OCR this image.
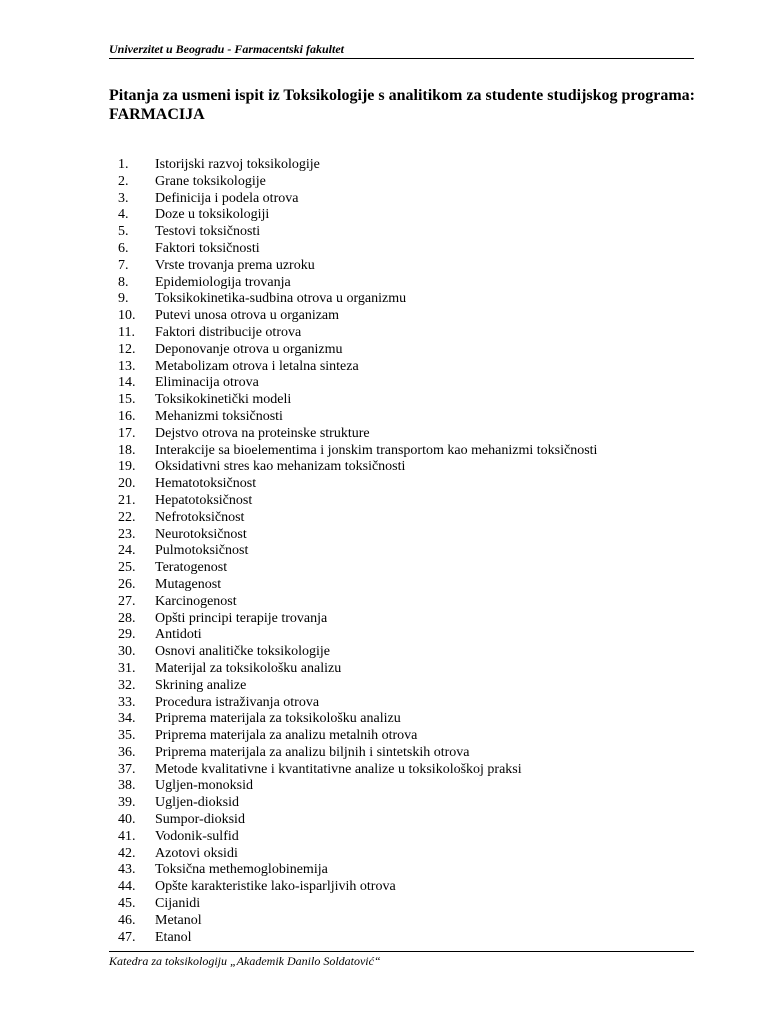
Univerzitet u Beogradu - Farmacentski fakultet
Pitanja za usmeni ispit iz Toksikologije s analitikom za studente studijskog programa: FARMACIJA
1. Istorijski razvoj toksikologije
2. Grane toksikologije
3. Definicija i podela otrova
4. Doze u toksikologiji
5. Testovi toksičnosti
6. Faktori toksičnosti
7. Vrste trovanja prema uzroku
8. Epidemiologija trovanja
9. Toksikokinetika-sudbina otrova u organizmu
10. Putevi unosa otrova u organizam
11. Faktori distribucije otrova
12. Deponovanje otrova u organizmu
13. Metabolizam otrova i letalna sinteza
14. Eliminacija otrova
15. Toksikokinetički modeli
16. Mehanizmi toksičnosti
17. Dejstvo otrova na proteinske strukture
18. Interakcije sa bioelementima i jonskim transportom kao mehanizmi toksičnosti
19. Oksidativni stres kao mehanizam toksičnosti
20. Hematotoksičnost
21. Hepatotoksičnost
22. Nefrotoksičnost
23. Neurotoksičnost
24. Pulmotoksičnost
25. Teratogenost
26. Mutagenost
27. Karcinogenost
28. Opšti principi terapije trovanja
29. Antidoti
30. Osnovi analitičke toksikologije
31. Materijal za toksikološku analizu
32. Skrining analize
33. Procedura istraživanja otrova
34. Priprema materijala za toksikološku analizu
35. Priprema materijala za analizu metalnih otrova
36. Priprema materijala za analizu biljnih i sintetskih otrova
37. Metode kvalitativne i kvantitativne analize u toksikološkoj praksi
38. Ugljen-monoksid
39. Ugljen-dioksid
40. Sumpor-dioksid
41. Vodonik-sulfid
42. Azotovi oksidi
43. Toksična methemoglobinemija
44. Opšte karakteristike lako-isparljivih otrova
45. Cijanidi
46. Metanol
47. Etanol
Katedra za toksikologiju „Akademik Danilo Soldatović“
